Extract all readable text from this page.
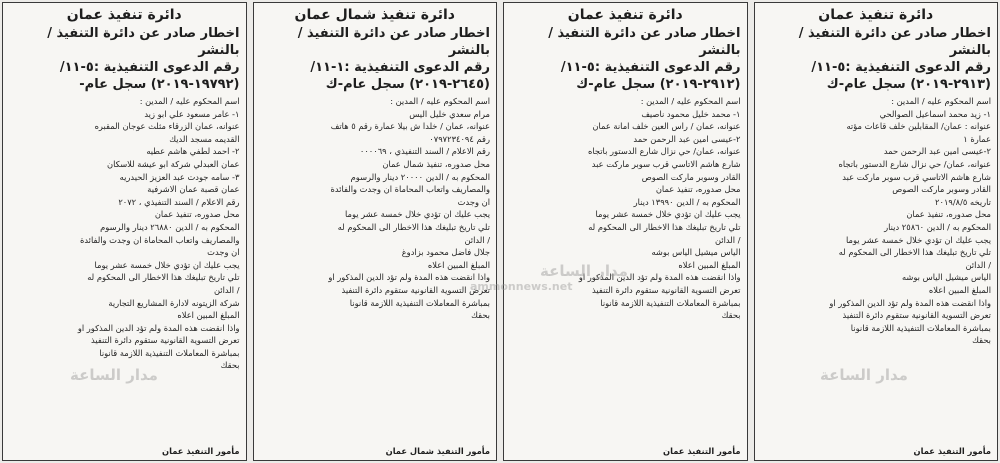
دائرة تنفيذ عمان

اخطار صادر عن دائرة التنفيذ / بالنشر

رقم الدعوى التنفيذية :٥-١١/

(٢٩١٣-٢٠١٩) سجل عام-ك

اسم المحكوم عليه / المدين :

١- زيد محمد اسماعيل الصوالحي

عنوانه : عمان/ المقابلين خلف قاعات مؤته

عمارة ١

٢-عيسى امين عبد الرحمن حمد

عنوانه، عمان/ حي نزال شارع الدستور باتجاه

شارع هاشم الاتاسي قرب سوبر ماركت عبد

القادر وسوبر ماركت الصوص

تاريخه ٢٠١٩/٨/٥

محل صدوره، تنفيذ عمان

المحكوم به / الدين ٢٥٨٦٠ دينار

يجب عليك ان تؤدي خلال خمسة عشر يوما

تلي تاريخ تبليغك هذا الاخطار الى المحكوم له

/ الدائن

الياس ميشيل الياس بوشه

المبلغ المبين اعلاه

واذا انقضت هذه المدة ولم تؤد الدين المذكور او

تعرض التسوية القانونية ستقوم دائرة التنفيذ

بمباشرة المعاملات التنفيذية اللازمة قانونا

بحقك

مأمور التنفيذ عمان

دائرة تنفيذ عمان

اخطار صادر عن دائرة التنفيذ / بالنشر

رقم الدعوى التنفيذية :٥-١١/

(٢٩١٢-٢٠١٩) سجل عام-ك

اسم المحكوم عليه / المدين :

١- محمد خليل محمود ناصيف

عنوانه، عمان / راس العين خلف امانة عمان

٢-عيسى امين عبد الرحمن حمد

عنوانه، عمان/ حي نزال شارع الدستور باتجاه

شارع هاشم الاتاسي قرب سوبر ماركت عبد

القادر وسوبر ماركت الصوص

محل صدوره، تنفيذ عمان

المحكوم به / الدين ١٣٩٩٠ دينار

يجب عليك ان تؤدي خلال خمسة عشر يوما

تلي تاريخ تبليغك هذا الاخطار الى المحكوم له

/ الدائن

الياس ميشيل الياس بوشه

المبلغ المبين اعلاه

واذا انقضت هذه المدة ولم تؤد الدين المذكور او

تعرض التسوية القانونية ستقوم دائرة التنفيذ

بمباشرة المعاملات التنفيذية اللازمة قانونا

بحقك

مأمور التنفيذ عمان

دائرة تنفيذ شمال عمان

اخطار صادر عن دائرة التنفيذ / بالنشر

رقم الدعوى التنفيذية :١-١١/

(٢٦٤٥-٢٠١٩) سجل عام-ك

اسم المحكوم عليه / المدين :

مرام سعدي خليل اليس

عنوانه، عمان / خلدا ش بيلا عمارة رقم ٥ هاتف

رقم ٠٧٩٧٢٣٤٠٩٤

رقم الاعلام / السند التنفيذي ، ٠٠٠٠٦٩

محل صدوره، تنفيذ شمال عمان

المحكوم به / الدين ٢٠٠٠٠ دينار والرسوم

والمصاريف واتعاب المحاماة ان وجدت والفائدة

ان وجدت

يجب عليك ان تؤدي خلال خمسة عشر يوما

تلي تاريخ تبليغك هذا الاخطار الى المحكوم له

/ الدائن

جلال فاضل محمود بزادوغ

المبلغ المبين اعلاه

واذا انقضت هذه المدة ولم تؤد الدين المذكور او

تعرض التسوية القانونية ستقوم دائرة التنفيذ

بمباشرة المعاملات التنفيذية اللازمة قانونا

بحقك

مأمور التنفيذ شمال عمان

دائرة تنفيذ عمان

اخطار صادر عن دائرة التنفيذ / بالنشر

رقم الدعوى التنفيذية :٥-١١/

(١٩٧٩٢-٢٠١٩) سجل عام-

اسم المحكوم عليه / المدين :

١- عامر مسعود علي ابو زيد

عنوانه، عمان الزرقاء مثلث عوجان المقبره

القديمه مسجد الديك

٢- احمد لطفي هاشم عطيه

عمان العبدلي شركة ابو عيشة للاسكان

٣- سامه جودت عبد العزيز الحيدريه

عمان قصبة عمان الاشرفية

رقم الاعلام / السند التنفيذي ، ٢٠٧٢

محل صدوره، تنفيذ عمان

المحكوم به / الدين ٢٦٨٨٠ دينار والرسوم

والمصاريف واتعاب المحاماة ان وجدت والفائدة

ان وجدت

يجب عليك ان تؤدي خلال خمسة عشر يوما

تلي تاريخ تبليغك هذا الاخطار الى المحكوم له

/ الدائن

شركة الزيتونه لادارة المشاريع التجارية

المبلغ المبين اعلاه

واذا انقضت هذه المدة ولم تؤد الدين المذكور او

تعرض التسوية القانونية ستقوم دائرة التنفيذ

بمباشرة المعاملات التنفيذية اللازمة قانونا

بحقك

مأمور التنفيذ عمان

مدار الساعة
مدار الساعة
مدار الساعة
ammonnews.net
